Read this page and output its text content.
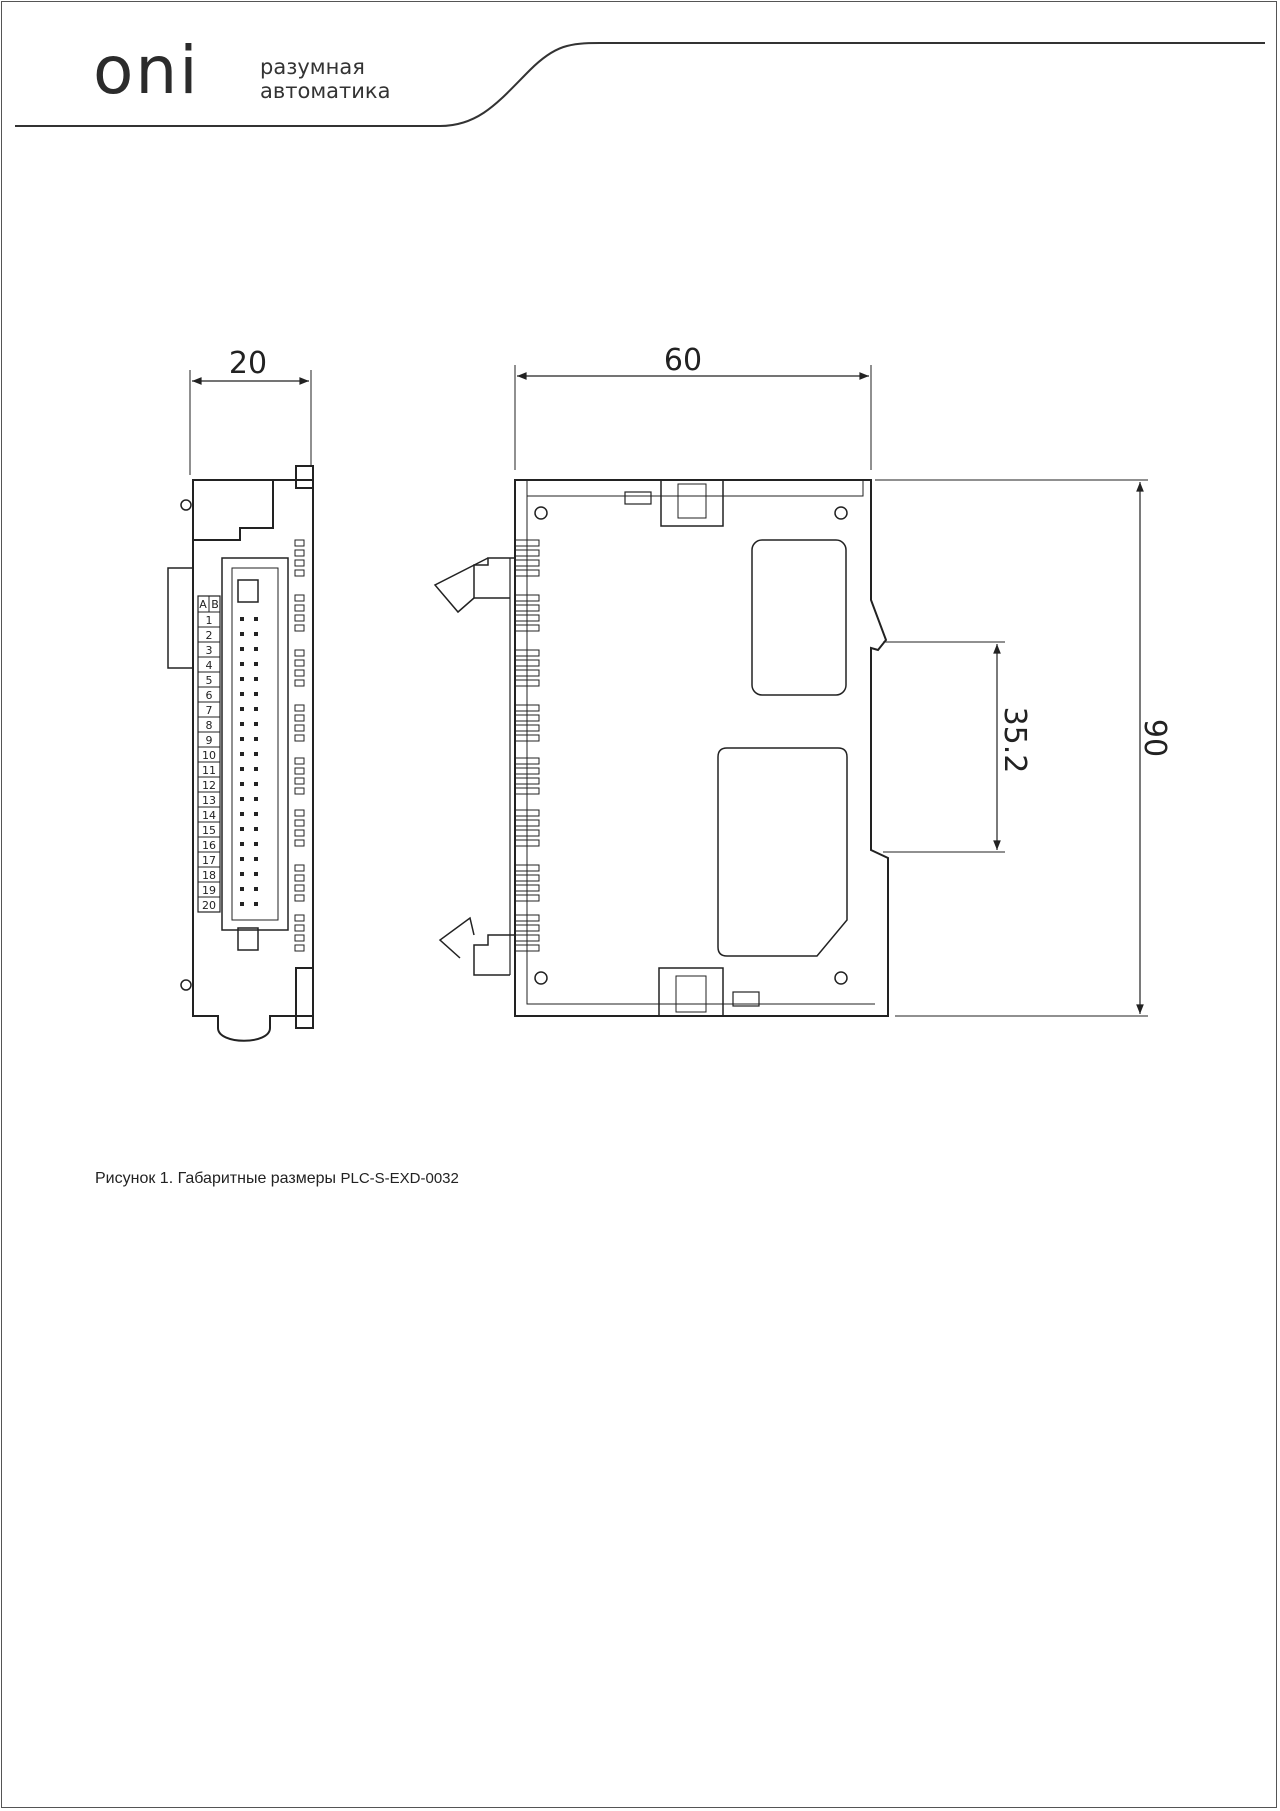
oni	разумная
автоматика
20
A B
1
2
3
4
5
6
7
8
9
10
11
12
13
14
15
16
17
18
19
20
60
90
35.2
Рисунок 1. Габаритные размеры PLC-S-EXD-0032
